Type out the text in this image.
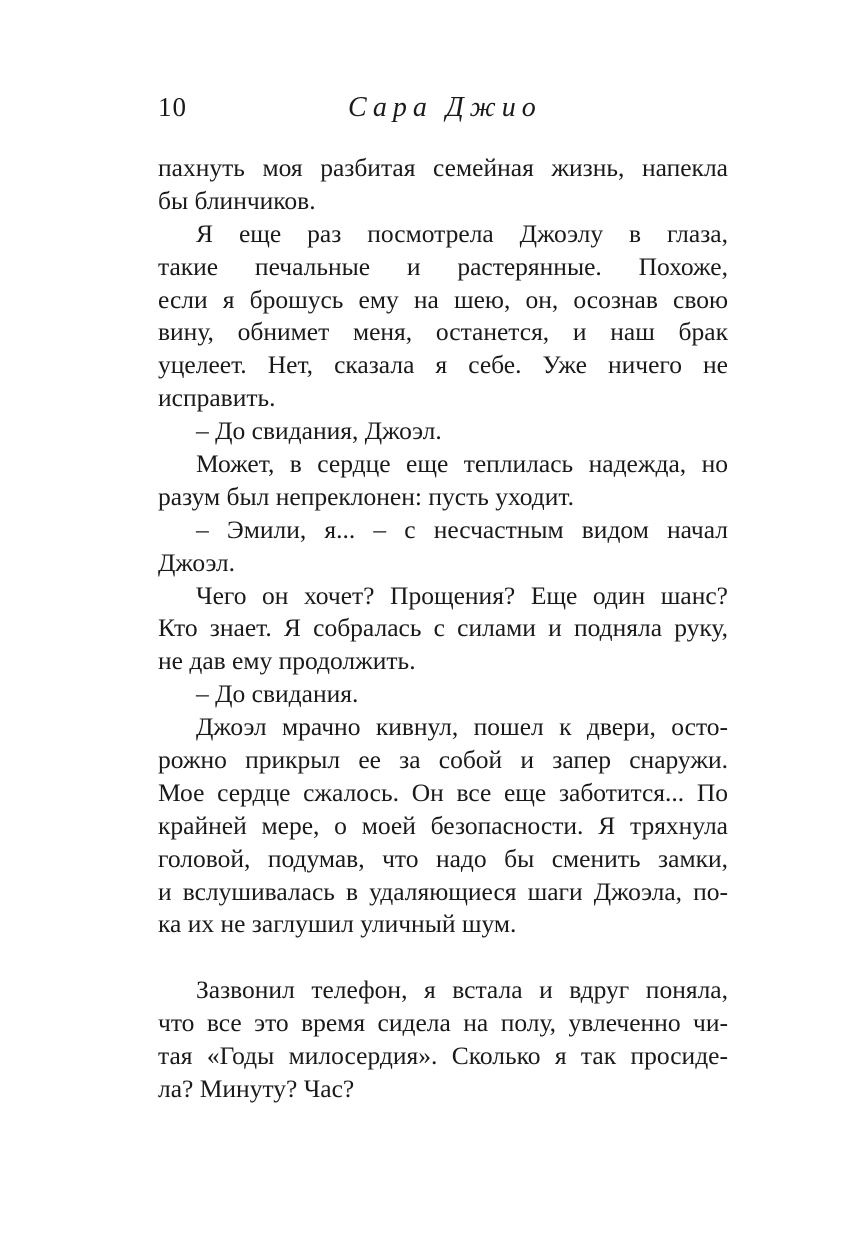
10	Сара Джио
пахнуть моя разбитая семейная жизнь, напекла
бы блинчиков.
Я еще раз посмотрела Джоэлу в глаза,
такие печальные и растерянные. Похоже,
если я брошусь ему на шею, он, осознав свою
вину, обнимет меня, останется, и наш брак
уцелеет. Нет, сказала я себе. Уже ничего не
исправить.
– До свидания, Джоэл.
Может, в сердце еще теплилась надежда, но
разум был непреклонен: пусть уходит.
– Эмили, я... – с несчастным видом начал
Джоэл.
Чего он хочет? Прощения? Еще один шанс?
Кто знает. Я собралась с силами и подняла руку,
не дав ему продолжить.
– До свидания.
Джоэл мрачно кивнул, пошел к двери, осто-
рожно прикрыл ее за собой и запер снаружи.
Мое сердце сжалось. Он все еще заботится... По
крайней мере, о моей безопасности. Я тряхнула
головой, подумав, что надо бы сменить замки,
и вслушивалась в удаляющиеся шаги Джоэла, по-
ка их не заглушил уличный шум.
Зазвонил телефон, я встала и вдруг поняла,
что все это время сидела на полу, увлеченно чи-
тая «Годы милосердия». Сколько я так просиде-
ла? Минуту? Час?
